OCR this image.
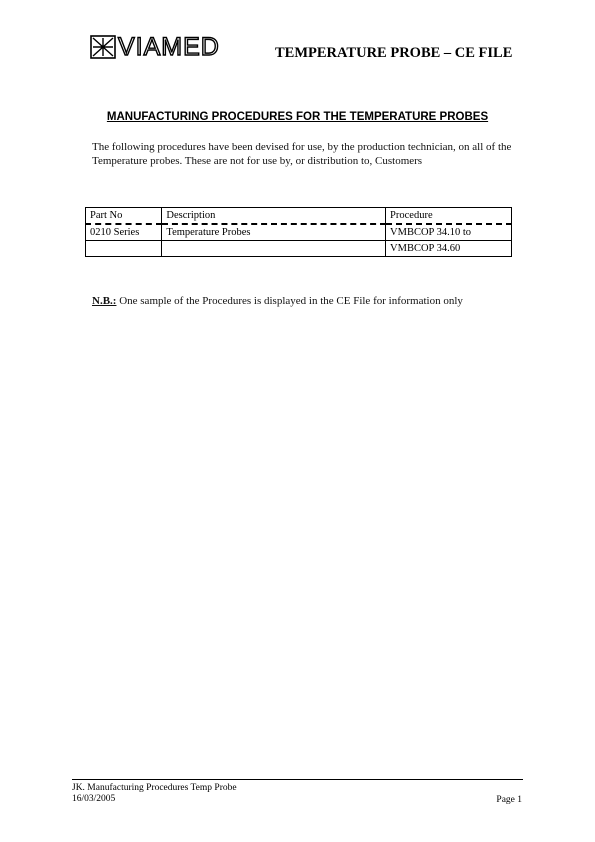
VIAMED	TEMPERATURE PROBE – CE FILE
MANUFACTURING PROCEDURES FOR THE TEMPERATURE PROBES
The following procedures have been devised for use, by the production technician, on all of the Temperature probes. These are not for use by, or distribution to, Customers
Part No	Description	Procedure
0210 Series	Temperature Probes	VMBCOP 34.10 to
		VMBCOP 34.60
N.B.: One sample of the Procedures is displayed in the CE File for information only
JK. Manufacturing Procedures Temp Probe
16/03/2005	Page 1
